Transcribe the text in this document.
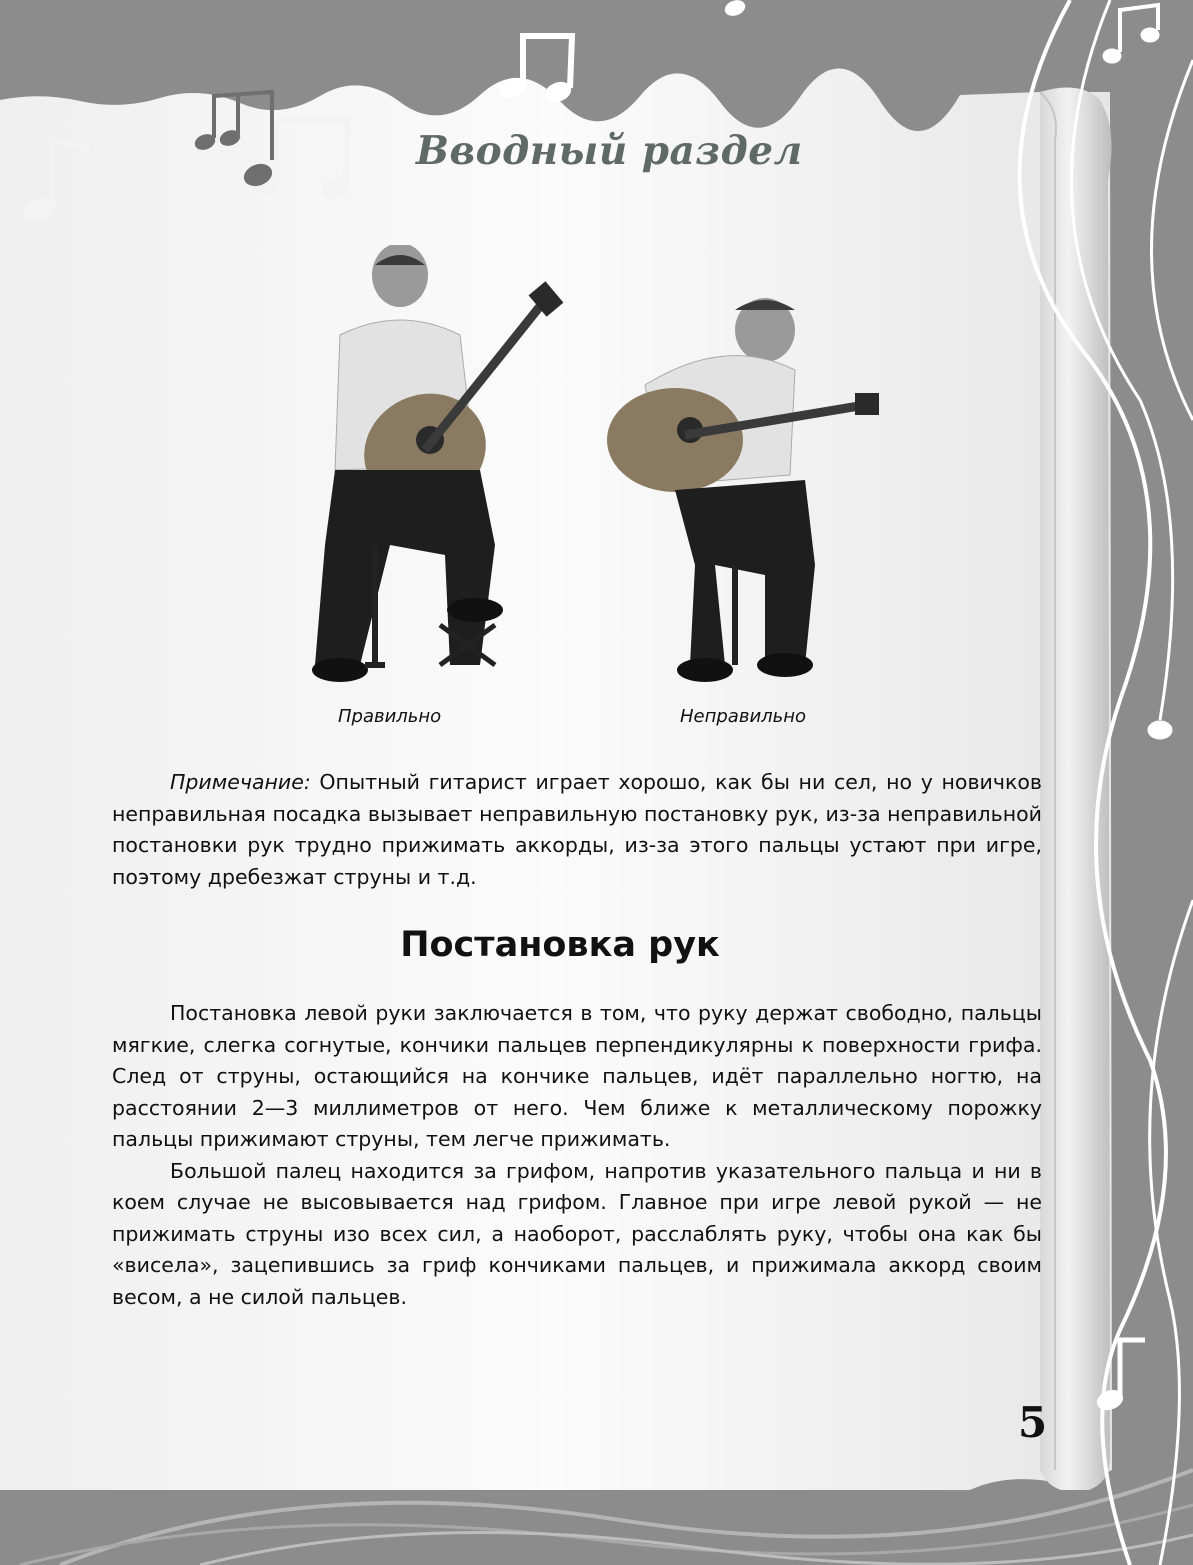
Вводный раздел
Правильно	Неправильно

Примечание: Опытный гитарист играет хорошо, как бы ни сел, но у новичков неправильная посадка вызывает неправильную постановку рук, из-за неправильной постановки рук трудно прижимать аккорды, из-за этого пальцы устают при игре, поэтому дребезжат струны и т.д.

Постановка рук

Постановка левой руки заключается в том, что руку держат свободно, пальцы мягкие, слегка согнутые, кончики пальцев перпендикулярны к поверхности грифа. След от струны, остающийся на кончике пальцев, идёт параллельно ногтю, на расстоянии 2—3 миллиметров от него. Чем ближе к металлическому порожку пальцы прижимают струны, тем легче прижимать.

Большой палец находится за грифом, напротив указательного пальца и ни в коем случае не высовывается над грифом. Главное при игре левой рукой — не прижимать струны изо всех сил, а наоборот, расслаблять руку, чтобы она как бы «висела», зацепившись за гриф кончиками пальцев, и прижимала аккорд своим весом, а не силой пальцев.

5
